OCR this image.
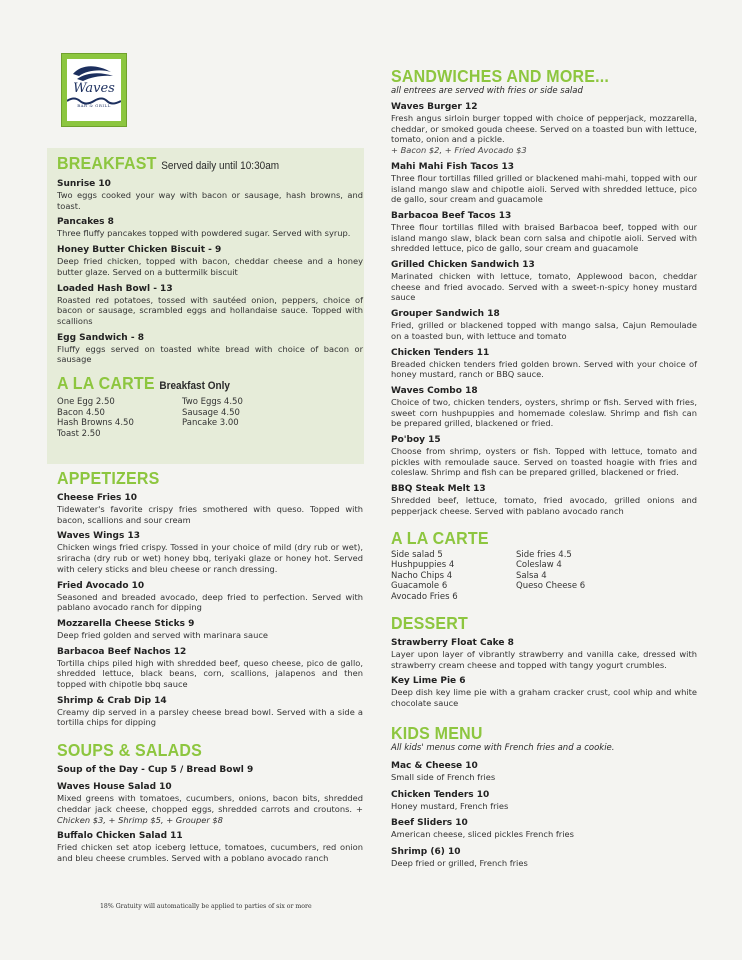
Waves
BAR & GRILL
BREAKFAST Served daily until 10:30am
Sunrise 10
Two eggs cooked your way with bacon or sausage, hash browns, and toast.
Pancakes 8
Three fluffy pancakes topped with powdered sugar. Served with syrup.
Honey Butter Chicken Biscuit - 9
Deep fried chicken, topped with bacon, cheddar cheese and a honey butter glaze. Served on a buttermilk biscuit
Loaded Hash Bowl - 13
Roasted red potatoes, tossed with sautéed onion, peppers, choice of bacon or sausage, scrambled eggs and hollandaise sauce. Topped with scallions
Egg Sandwich - 8
Fluffy eggs served on toasted white bread with choice of bacon or sausage
A LA CARTE Breakfast Only
One Egg 2.50	Two Eggs 4.50
Bacon 4.50	Sausage 4.50
Hash Browns 4.50	Pancake 3.00
Toast 2.50
APPETIZERS
Cheese Fries 10
Tidewater's favorite crispy fries smothered with queso. Topped with bacon, scallions and sour cream
Waves Wings 13
Chicken wings fried crispy. Tossed in your choice of mild (dry rub or wet), sriracha (dry rub or wet) honey bbq, teriyaki glaze or honey hot. Served with celery sticks and bleu cheese or ranch dressing.
Fried Avocado 10
Seasoned and breaded avocado, deep fried to perfection. Served with pablano avocado ranch for dipping
Mozzarella Cheese Sticks 9
Deep fried golden and served with marinara sauce
Barbacoa Beef Nachos 12
Tortilla chips piled high with shredded beef, queso cheese, pico de gallo, shredded lettuce, black beans, corn, scallions, jalapenos and then topped with chipotle bbq sauce
Shrimp & Crab Dip 14
Creamy dip served in a parsley cheese bread bowl. Served with a side a tortilla chips for dipping
SOUPS & SALADS
Soup of the Day - Cup 5 / Bread Bowl 9
Waves House Salad 10
Mixed greens with tomatoes, cucumbers, onions, bacon bits, shredded cheddar jack cheese, chopped eggs, shredded carrots and croutons. + Chicken $3, + Shrimp $5, + Grouper $8
Buffalo Chicken Salad 11
Fried chicken set atop iceberg lettuce, tomatoes, cucumbers, red onion and bleu cheese crumbles. Served with a poblano avocado ranch
18% Gratuity will automatically be applied to parties of six or more
SANDWICHES AND MORE...
all entrees are served with fries or side salad
Waves Burger 12
Fresh angus sirloin burger topped with choice of pepperjack, mozzarella, cheddar, or smoked gouda cheese. Served on a toasted bun with lettuce, tomato, onion and a pickle.
+ Bacon $2, + Fried Avocado $3
Mahi Mahi Fish Tacos 13
Three flour tortillas filled grilled or blackened mahi-mahi, topped with our island mango slaw and chipotle aioli. Served with shredded lettuce, pico de gallo, sour cream and guacamole
Barbacoa Beef Tacos 13
Three flour tortillas filled with braised Barbacoa beef, topped with our island mango slaw, black bean corn salsa and chipotle aioli. Served with shredded lettuce, pico de gallo, sour cream and guacamole
Grilled Chicken Sandwich 13
Marinated chicken with lettuce, tomato, Applewood bacon, cheddar cheese and fried avocado. Served with a sweet-n-spicy honey mustard sauce
Grouper Sandwich 18
Fried, grilled or blackened topped with mango salsa, Cajun Remoulade on a toasted bun, with lettuce and tomato
Chicken Tenders 11
Breaded chicken tenders fried golden brown. Served with your choice of honey mustard, ranch or BBQ sauce.
Waves Combo 18
Choice of two, chicken tenders, oysters, shrimp or fish. Served with fries, sweet corn hushpuppies and homemade coleslaw. Shrimp and fish can be prepared grilled, blackened or fried.
Po'boy 15
Choose from shrimp, oysters or fish. Topped with lettuce, tomato and pickles with remoulade sauce. Served on toasted hoagie with fries and coleslaw. Shrimp and fish can be prepared grilled, blackened or fried.
BBQ Steak Melt 13
Shredded beef, lettuce, tomato, fried avocado, grilled onions and pepperjack cheese. Served with pablano avocado ranch
A LA CARTE
Side salad 5	Side fries 4.5
Hushpuppies 4	Coleslaw 4
Nacho Chips 4	Salsa 4
Guacamole 6	Queso Cheese 6
Avocado Fries 6
DESSERT
Strawberry Float Cake 8
Layer upon layer of vibrantly strawberry and vanilla cake, dressed with strawberry cream cheese and topped with tangy yogurt crumbles.
Key Lime Pie 6
Deep dish key lime pie with a graham cracker crust, cool whip and white chocolate sauce
KIDS MENU
All kids' menus come with French fries and a cookie.
Mac & Cheese 10
Small side of French fries
Chicken Tenders 10
Honey mustard, French fries
Beef Sliders 10
American cheese, sliced pickles French fries
Shrimp (6) 10
Deep fried or grilled, French fries
